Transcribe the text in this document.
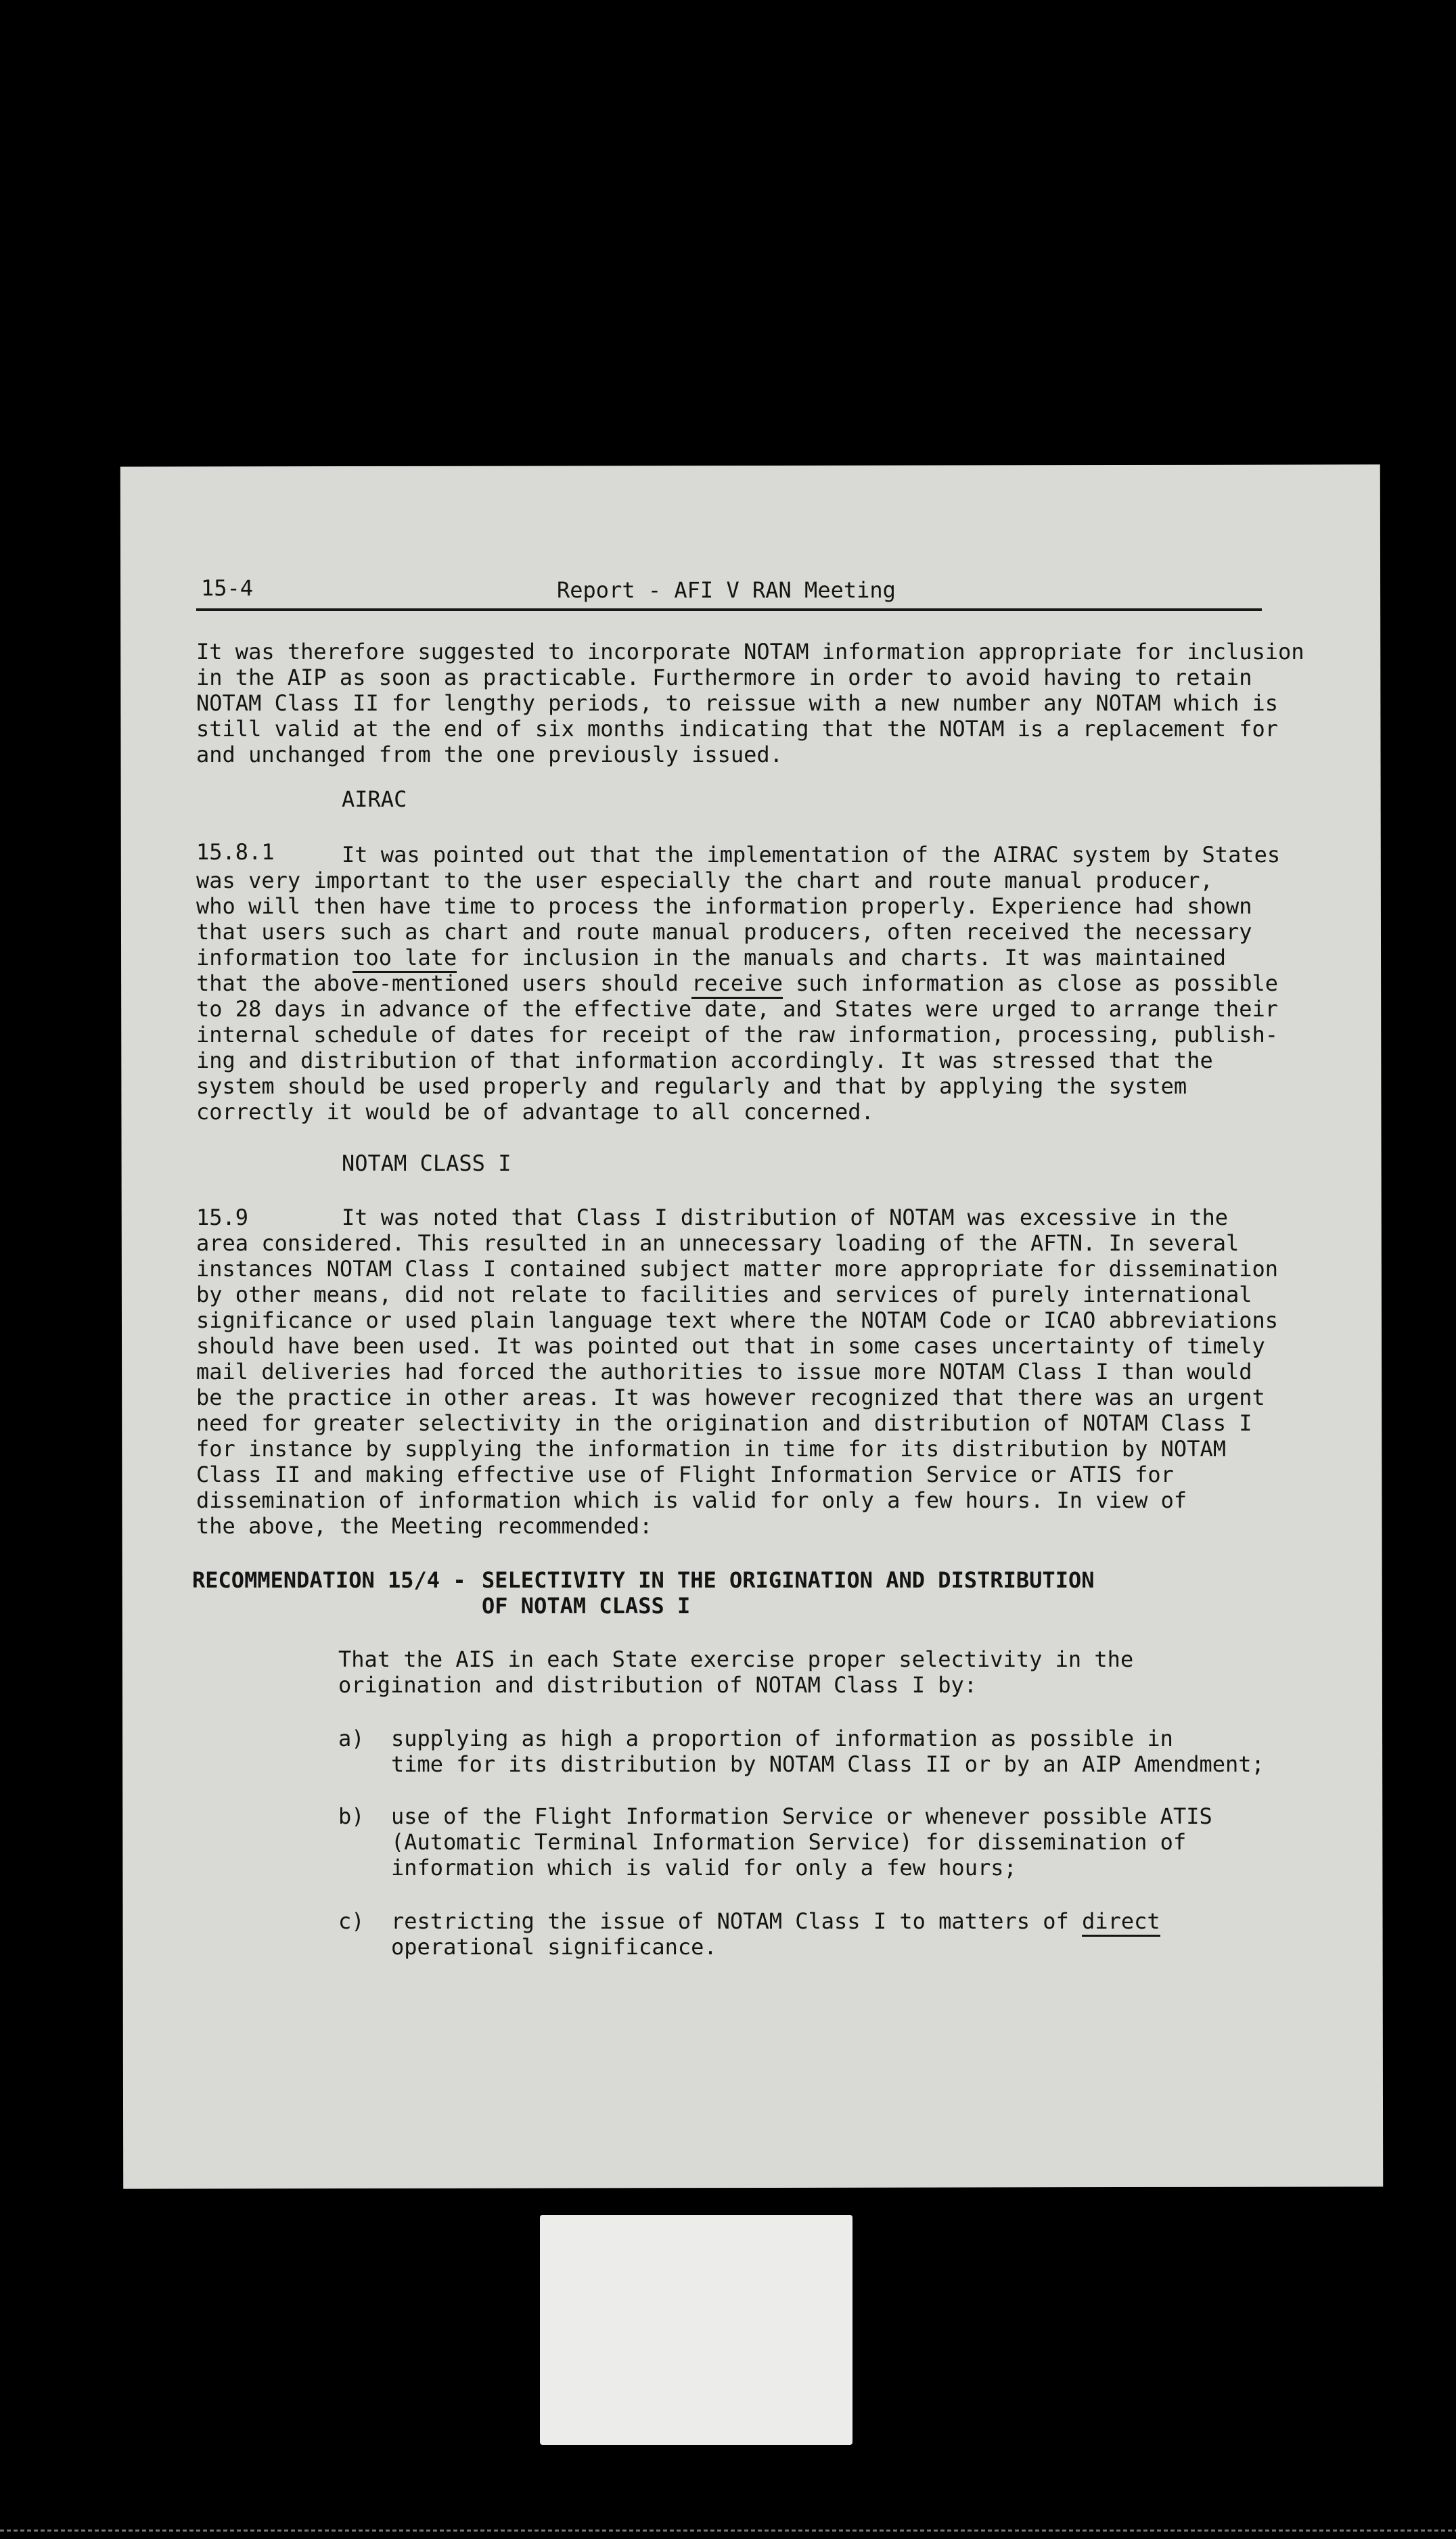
15-4	Report - AFI V RAN Meeting
It was therefore suggested to incorporate NOTAM information appropriate for inclusion
in the AIP as soon as practicable. Furthermore in order to avoid having to retain
NOTAM Class II for lengthy periods, to reissue with a new number any NOTAM which is
still valid at the end of six months indicating that the NOTAM is a replacement for
and unchanged from the one previously issued.
AIRAC
15.8.1	It was pointed out that the implementation of the AIRAC system by States
was very important to the user especially the chart and route manual producer,
who will then have time to process the information properly. Experience had shown
that users such as chart and route manual producers, often received the necessary
information too late for inclusion in the manuals and charts. It was maintained
that the above-mentioned users should receive such information as close as possible
to 28 days in advance of the effective date, and States were urged to arrange their
internal schedule of dates for receipt of the raw information, processing, publish-
ing and distribution of that information accordingly. It was stressed that the
system should be used properly and regularly and that by applying the system
correctly it would be of advantage to all concerned.
NOTAM CLASS I
15.9	It was noted that Class I distribution of NOTAM was excessive in the
area considered. This resulted in an unnecessary loading of the AFTN. In several
instances NOTAM Class I contained subject matter more appropriate for dissemination
by other means, did not relate to facilities and services of purely international
significance or used plain language text where the NOTAM Code or ICAO abbreviations
should have been used. It was pointed out that in some cases uncertainty of timely
mail deliveries had forced the authorities to issue more NOTAM Class I than would
be the practice in other areas. It was however recognized that there was an urgent
need for greater selectivity in the origination and distribution of NOTAM Class I
for instance by supplying the information in time for its distribution by NOTAM
Class II and making effective use of Flight Information Service or ATIS for
dissemination of information which is valid for only a few hours. In view of
the above, the Meeting recommended:
RECOMMENDATION 15/4 - SELECTIVITY IN THE ORIGINATION AND DISTRIBUTION
OF NOTAM CLASS I
That the AIS in each State exercise proper selectivity in the
origination and distribution of NOTAM Class I by:
a) supplying as high a proportion of information as possible in
time for its distribution by NOTAM Class II or by an AIP Amendment;
b) use of the Flight Information Service or whenever possible ATIS
(Automatic Terminal Information Service) for dissemination of
information which is valid for only a few hours;
c) restricting the issue of NOTAM Class I to matters of direct
operational significance.
